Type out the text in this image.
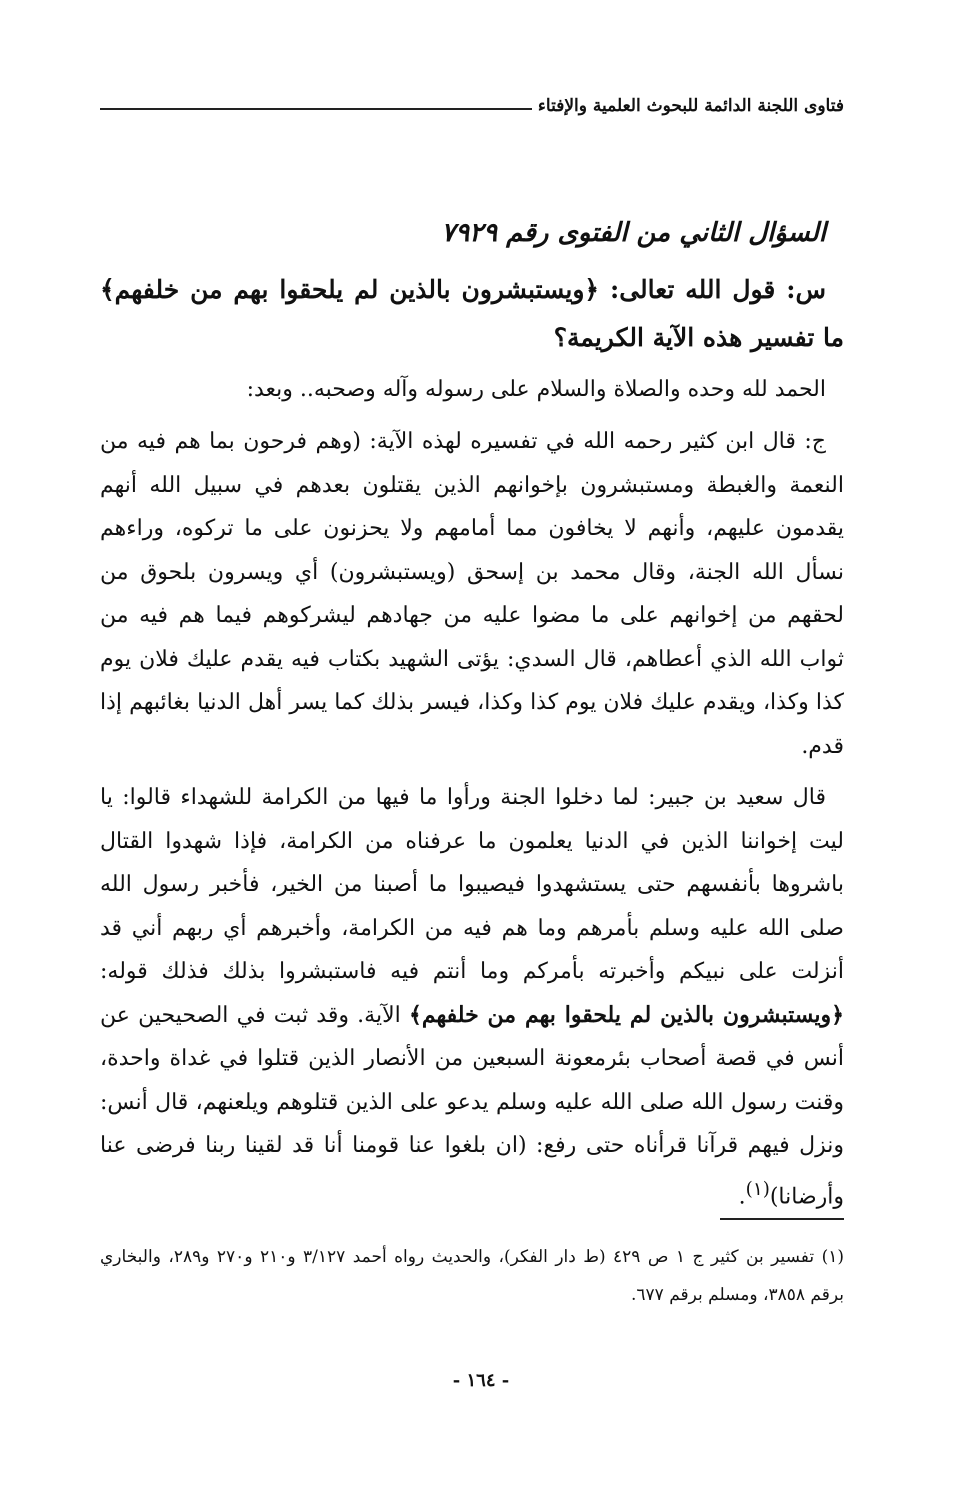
فتاوى اللجنة الدائمة للبحوث العلمية والإفتاء

السؤال الثاني من الفتوى رقم ٧٩٢٩

س: قول الله تعالى: ﴿ويستبشرون بالذين لم يلحقوا بهم من خلفهم﴾ ما تفسير هذه الآية الكريمة؟

الحمد لله وحده والصلاة والسلام على رسوله وآله وصحبه.. وبعد:

ج: قال ابن كثير رحمه الله في تفسيره لهذه الآية: (وهم فرحون بما هم فيه من النعمة والغبطة ومستبشرون بإخوانهم الذين يقتلون بعدهم في سبيل الله أنهم يقدمون عليهم، وأنهم لا يخافون مما أمامهم ولا يحزنون على ما تركوه، وراءهم نسأل الله الجنة، وقال محمد بن إسحق (ويستبشرون) أي ويسرون بلحوق من لحقهم من إخوانهم على ما مضوا عليه من جهادهم ليشركوهم فيما هم فيه من ثواب الله الذي أعطاهم، قال السدي: يؤتى الشهيد بكتاب فيه يقدم عليك فلان يوم كذا وكذا، ويقدم عليك فلان يوم كذا وكذا، فيسر بذلك كما يسر أهل الدنيا بغائبهم إذا قدم.

قال سعيد بن جبير: لما دخلوا الجنة ورأوا ما فيها من الكرامة للشهداء قالوا: يا ليت إخواننا الذين في الدنيا يعلمون ما عرفناه من الكرامة، فإذا شهدوا القتال باشروها بأنفسهم حتى يستشهدوا فيصيبوا ما أصبنا من الخير، فأخبر رسول الله صلى الله عليه وسلم بأمرهم وما هم فيه من الكرامة، وأخبرهم أي ربهم أني قد أنزلت على نبيكم وأخبرته بأمركم وما أنتم فيه فاستبشروا بذلك فذلك قوله: ﴿ويستبشرون بالذين لم يلحقوا بهم من خلفهم﴾ الآية. وقد ثبت في الصحيحين عن أنس في قصة أصحاب بئرمعونة السبعين من الأنصار الذين قتلوا في غداة واحدة، وقنت رسول الله صلى الله عليه وسلم يدعو على الذين قتلوهم ويلعنهم، قال أنس: ونزل فيهم قرآنا قرأناه حتى رفع: (ان بلغوا عنا قومنا أنا قد لقينا ربنا فرضى عنا وأرضانا)$^{(١)}$.

(١) تفسير بن كثير ج ١ ص ٤٢٩ (ط دار الفكر)، والحديث رواه أحمد ٣/١٢٧ و٢١٠ و٢٧٠ و٢٨٩، والبخاري برقم ٣٨٥٨، ومسلم برقم ٦٧٧.
- ١٦٤ -
